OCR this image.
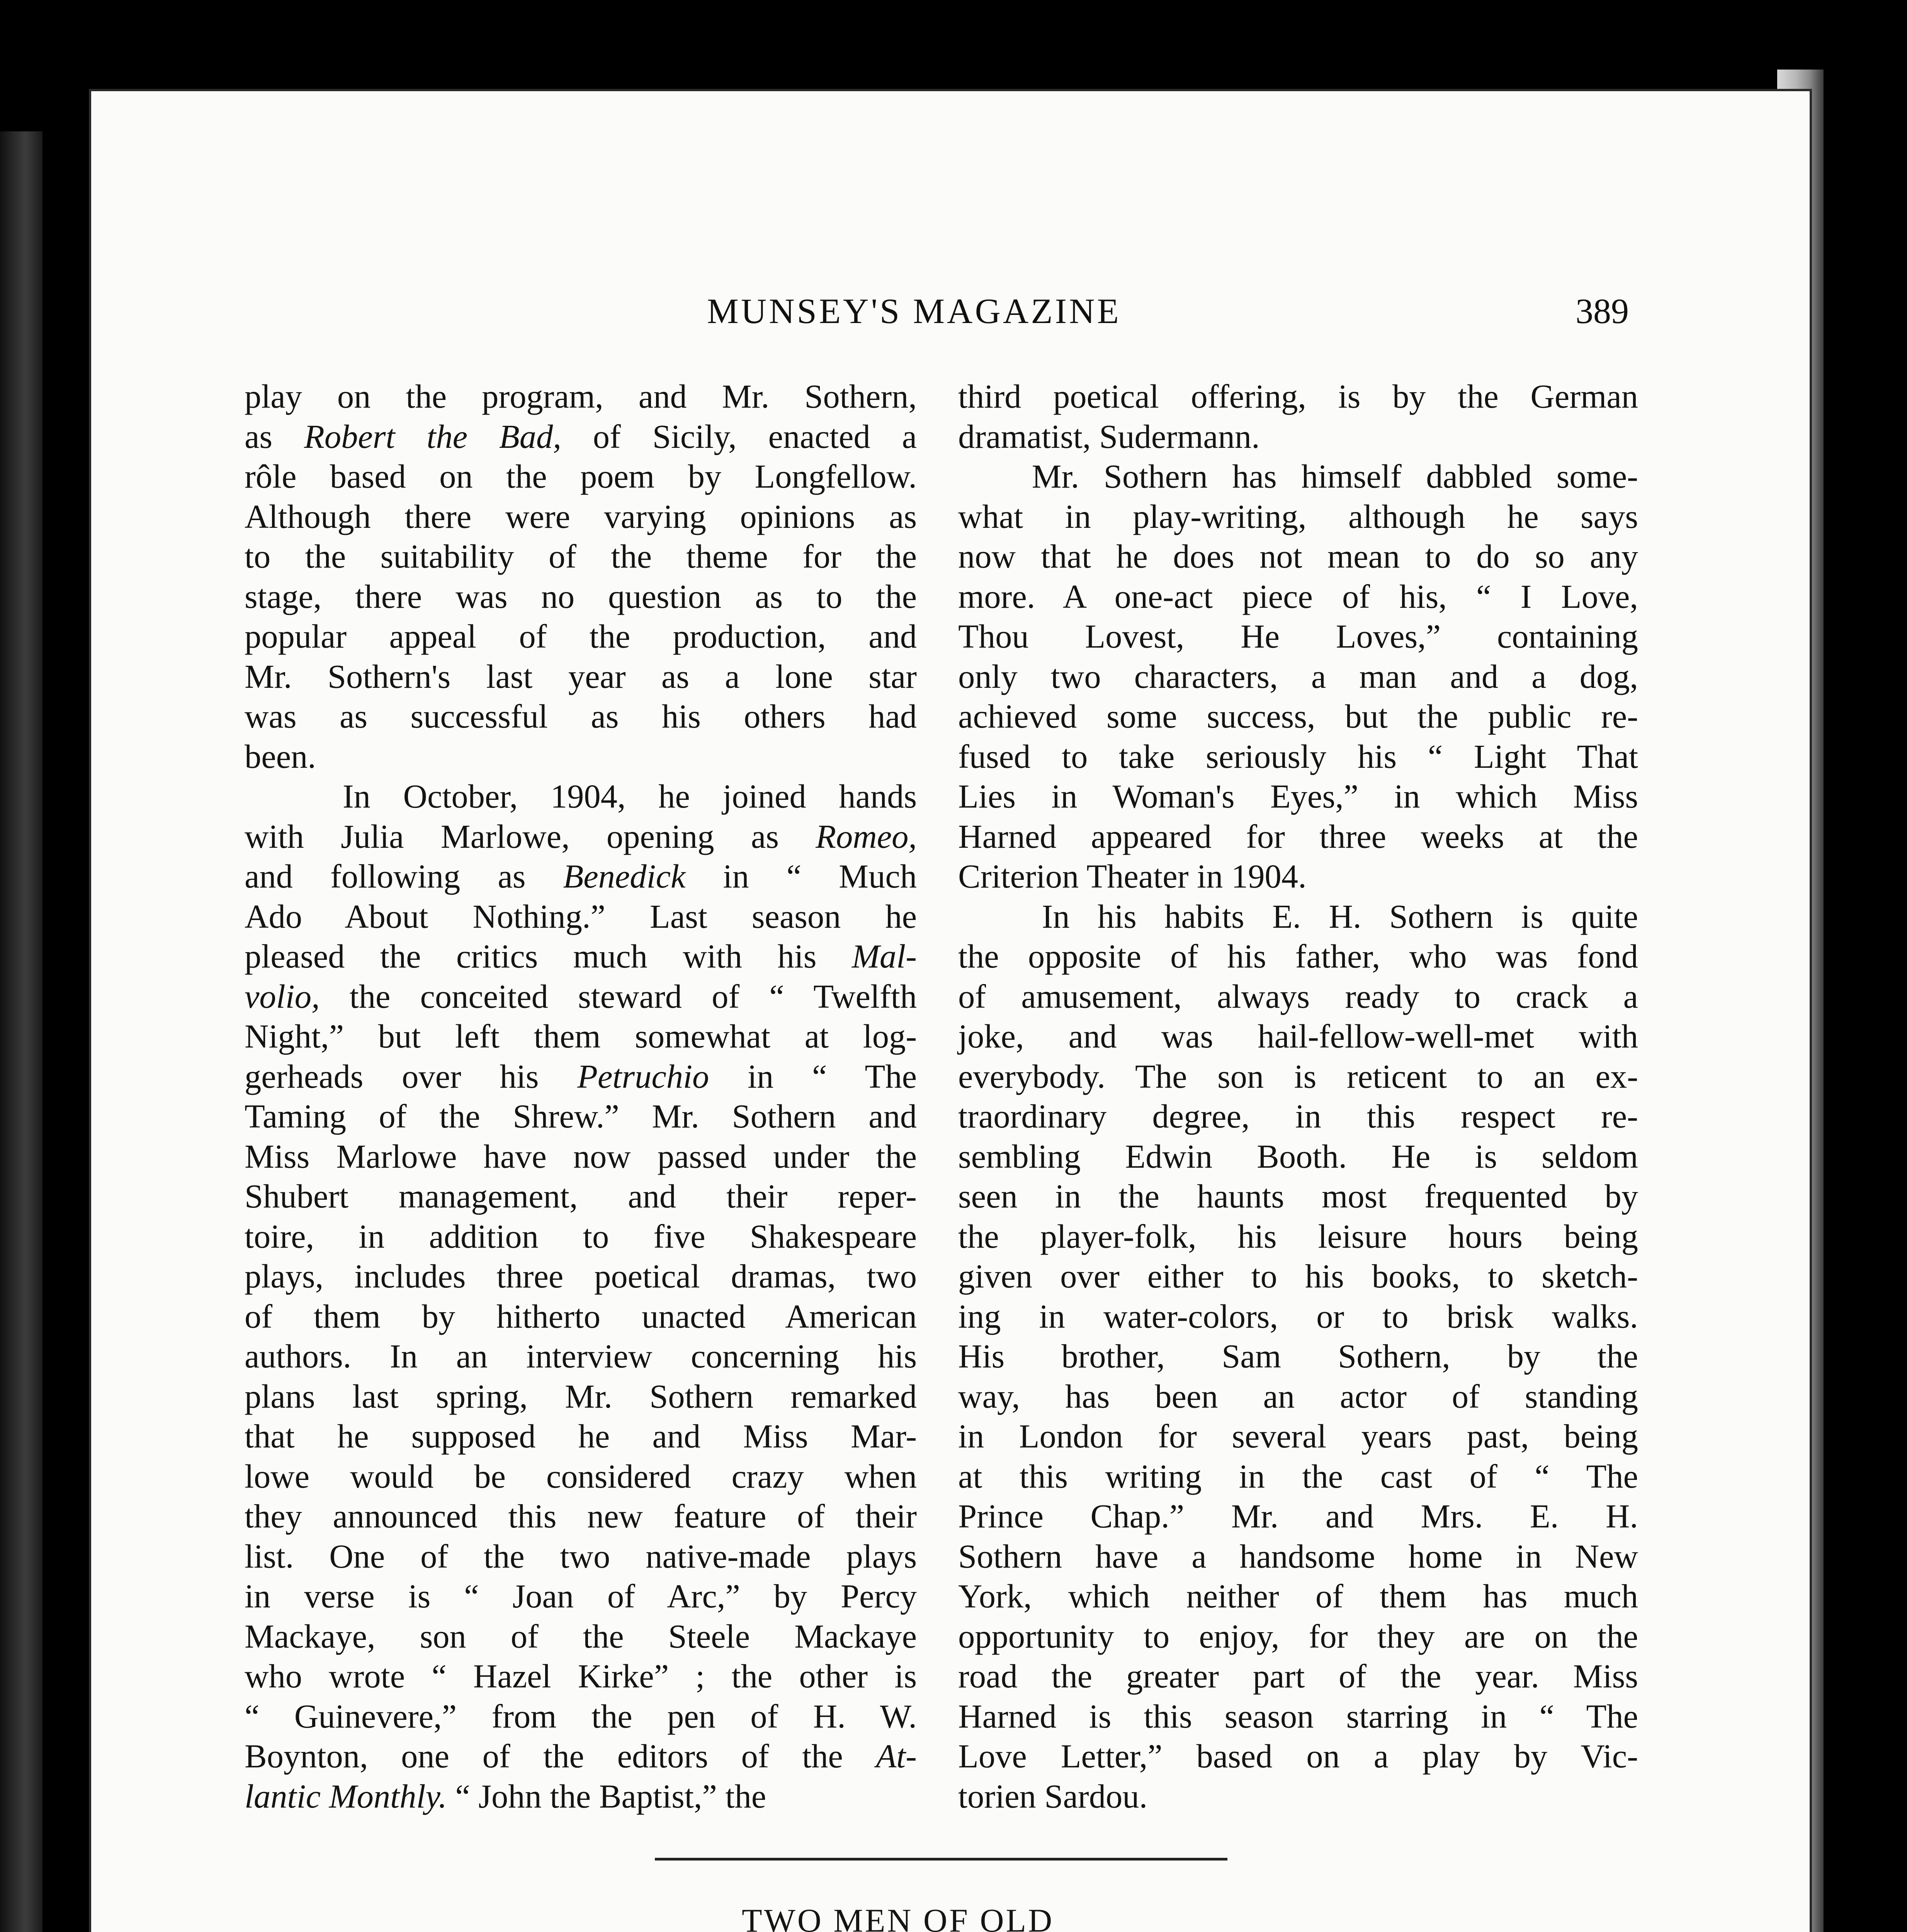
MUNSEY'S MAGAZINE	389

play on the program, and Mr. Sothern,

as Robert the Bad, of Sicily, enacted a

rôle based on the poem by Longfellow.

Although there were varying opinions as

to the suitability of the theme for the

stage, there was no question as to the

popular appeal of the production, and

Mr. Sothern's last year as a lone star

was as successful as his others had

been.

In October, 1904, he joined hands

with Julia Marlowe, opening as Romeo,

and following as Benedick in “ Much

Ado About Nothing.” Last season he

pleased the critics much with his Mal-

volio, the conceited steward of “ Twelfth

Night,” but left them somewhat at log-

gerheads over his Petruchio in “ The

Taming of the Shrew.” Mr. Sothern and

Miss Marlowe have now passed under the

Shubert management, and their reper-

toire, in addition to five Shakespeare

plays, includes three poetical dramas, two

of them by hitherto unacted American

authors. In an interview concerning his

plans last spring, Mr. Sothern remarked

that he supposed he and Miss Mar-

lowe would be considered crazy when

they announced this new feature of their

list. One of the two native-made plays

in verse is “ Joan of Arc,” by Percy

Mackaye, son of the Steele Mackaye

who wrote “ Hazel Kirke” ; the other is

“ Guinevere,” from the pen of H. W.

Boynton, one of the editors of the At-

lantic Monthly. “ John the Baptist,” the

third poetical offering, is by the German

dramatist, Sudermann.

Mr. Sothern has himself dabbled some-

what in play-writing, although he says

now that he does not mean to do so any

more. A one-act piece of his, “ I Love,

Thou Lovest, He Loves,” containing

only two characters, a man and a dog,

achieved some success, but the public re-

fused to take seriously his “ Light That

Lies in Woman's Eyes,” in which Miss

Harned appeared for three weeks at the

Criterion Theater in 1904.

In his habits E. H. Sothern is quite

the opposite of his father, who was fond

of amusement, always ready to crack a

joke, and was hail-fellow-well-met with

everybody. The son is reticent to an ex-

traordinary degree, in this respect re-

sembling Edwin Booth. He is seldom

seen in the haunts most frequented by

the player-folk, his leisure hours being

given over either to his books, to sketch-

ing in water-colors, or to brisk walks.

His brother, Sam Sothern, by the

way, has been an actor of standing

in London for several years past, being

at this writing in the cast of “ The

Prince Chap.” Mr. and Mrs. E. H.

Sothern have a handsome home in New

York, which neither of them has much

opportunity to enjoy, for they are on the

road the greater part of the year. Miss

Harned is this season starring in “ The

Love Letter,” based on a play by Vic-

torien Sardou.

TWO MEN OF OLD
